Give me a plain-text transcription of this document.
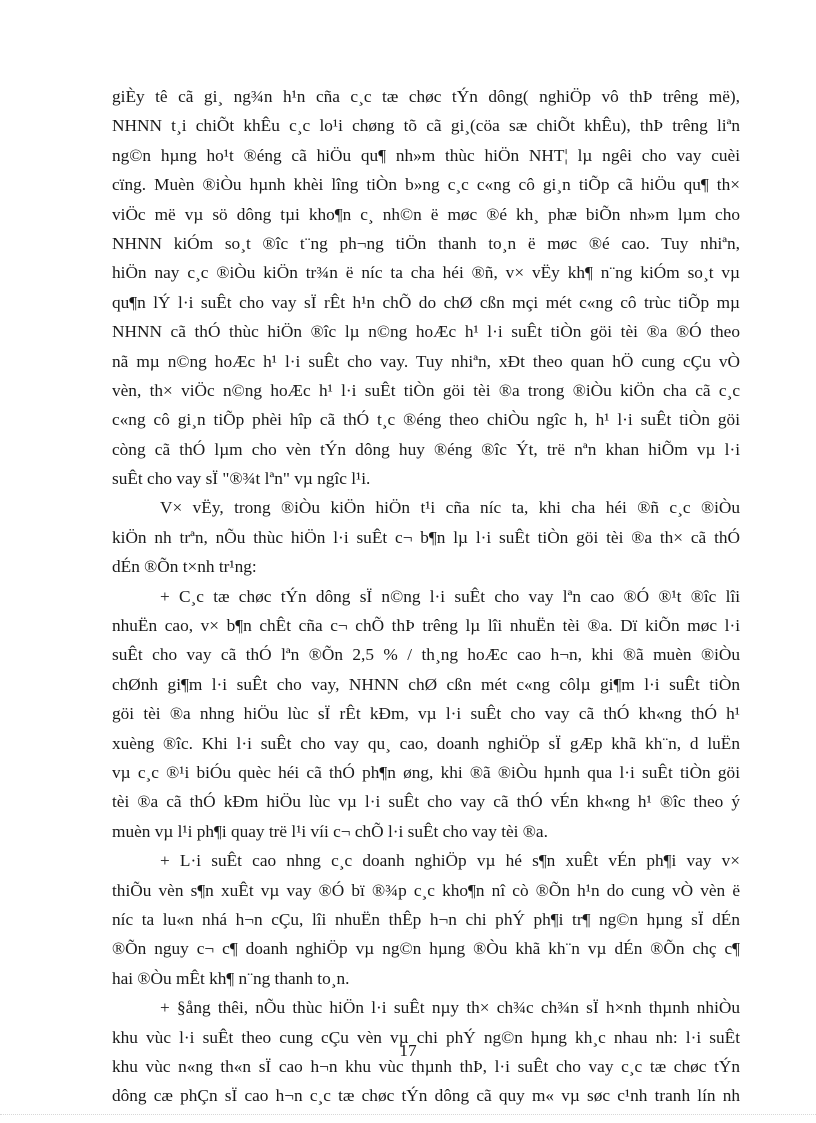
giÈy tê cã gi¸ ng¾n h¹n cña c¸c tæ chøc tÝn dông( nghiÖp vô thÞ trêng më),
NHNN t¸i chiÕt khÊu c¸c lo¹i chøng tõ cã gi¸(cöa sæ chiÕt khÊu), thÞ trêng liªn
ng©n hµng ho¹t ®éng cã hiÖu qu¶ nh»m thùc hiÖn NHT¦ lµ ngêi cho vay cuèi
cïng. Muèn ®iÒu hµnh khèi lîng tiÒn b»ng c¸c c«ng cô gi¸n tiÕp cã hiÖu qu¶ th×
viÖc më vµ sö dông tµi kho¶n c¸ nh©n ë møc ®é kh¸ phæ biÕn nh»m lµm cho
NHNN kiÓm so¸t ®îc t¨ng ph¬ng tiÖn thanh to¸n ë møc ®é cao. Tuy nhiªn,
hiÖn nay c¸c ®iÒu kiÖn tr¾n ë níc ta cha héi ®ñ, v× vËy kh¶ n¨ng kiÓm so¸t vµ
qu¶n lÝ l·i suÊt cho vay sÏ rÊt h¹n chÕ do chØ cßn mçi mét c«ng cô trùc tiÕp mµ
NHNN cã thÓ thùc hiÖn ®îc lµ n©ng hoÆc h¹ l·i suÊt tiÒn göi tèi ®a ®Ó theo
nã mµ n©ng hoÆc h¹ l·i suÊt cho vay. Tuy nhiªn, xÐt theo quan hÖ cung cÇu vÒ
vèn, th× viÖc n©ng hoÆc h¹ l·i suÊt tiÒn göi tèi ®a trong ®iÒu kiÖn cha cã c¸c
c«ng cô gi¸n tiÕp phèi hîp cã thÓ t¸c ®éng theo chiÒu ngîc h, h¹ l·i suÊt tiÒn göi
còng cã thÓ lµm cho vèn tÝn dông huy ®éng ®îc Ýt, trë nªn khan hiÕm vµ l·i
suÊt cho vay sÏ "®¾t lªn" vµ ngîc l¹i.
V× vËy, trong ®iÒu kiÖn hiÖn t¹i cña níc ta, khi cha héi ®ñ c¸c ®iÒu
kiÖn nh trªn, nÕu thùc hiÖn l·i suÊt c¬ b¶n lµ l·i suÊt tiÒn göi tèi ®a th× cã thÓ
dÉn ®Õn t×nh tr¹ng:
+ C¸c tæ chøc tÝn dông sÏ n©ng l·i suÊt cho vay lªn cao ®Ó ®¹t ®îc lîi
nhuËn cao, v× b¶n chÊt cña c¬ chÕ thÞ trêng lµ lîi nhuËn tèi ®a. Dï kiÕn møc l·i
suÊt cho vay cã thÓ lªn ®Õn 2,5 % / th¸ng hoÆc cao h¬n, khi ®ã muèn ®iÒu
chØnh gi¶m l·i suÊt cho vay, NHNN chØ cßn mét c«ng côlµ gi¶m l·i suÊt tiÒn
göi tèi ®a nhng hiÖu lùc sÏ rÊt kÐm, vµ l·i suÊt cho vay cã thÓ kh«ng thÓ h¹
xuèng ®îc. Khi l·i suÊt cho vay qu¸ cao, doanh nghiÖp sÏ gÆp khã kh¨n, d luËn
vµ c¸c ®¹i biÓu quèc héi cã thÓ ph¶n øng, khi ®ã ®iÒu hµnh qua l·i suÊt tiÒn göi
tèi ®a cã thÓ kÐm hiÖu lùc vµ l·i suÊt cho vay cã thÓ vÉn kh«ng h¹ ®îc theo ý
muèn vµ l¹i ph¶i quay trë l¹i víi c¬ chÕ l·i suÊt cho vay tèi ®a.
+ L·i suÊt cao nhng c¸c doanh nghiÖp vµ hé s¶n xuÊt vÉn ph¶i vay v×
thiÕu vèn s¶n xuÊt vµ vay ®Ó bï ®¾p c¸c kho¶n nî cò ®Õn h¹n do cung vÒ vèn ë
níc ta lu«n nhá h¬n cÇu, lîi nhuËn thÊp h¬n chi phÝ ph¶i tr¶ ng©n hµng sÏ dÉn
®Õn nguy c¬ c¶ doanh nghiÖp vµ ng©n hµng ®Òu khã kh¨n vµ dÉn ®Õn chç c¶
hai ®Òu mÊt kh¶ n¨ng thanh to¸n.
+ §ång thêi, nÕu thùc hiÖn l·i suÊt nµy th× ch¾c ch¾n sÏ h×nh thµnh nhiÒu
khu vùc l·i suÊt theo cung cÇu vèn vµ chi phÝ ng©n hµng kh¸c nhau nh: l·i suÊt
khu vùc n«ng th«n sÏ cao h¬n khu vùc thµnh thÞ, l·i suÊt cho vay c¸c tæ chøc tÝn
dông cæ phÇn sÏ cao h¬n c¸c tæ chøc tÝn dông cã quy m« vµ søc c¹nh tranh lín nh
17
